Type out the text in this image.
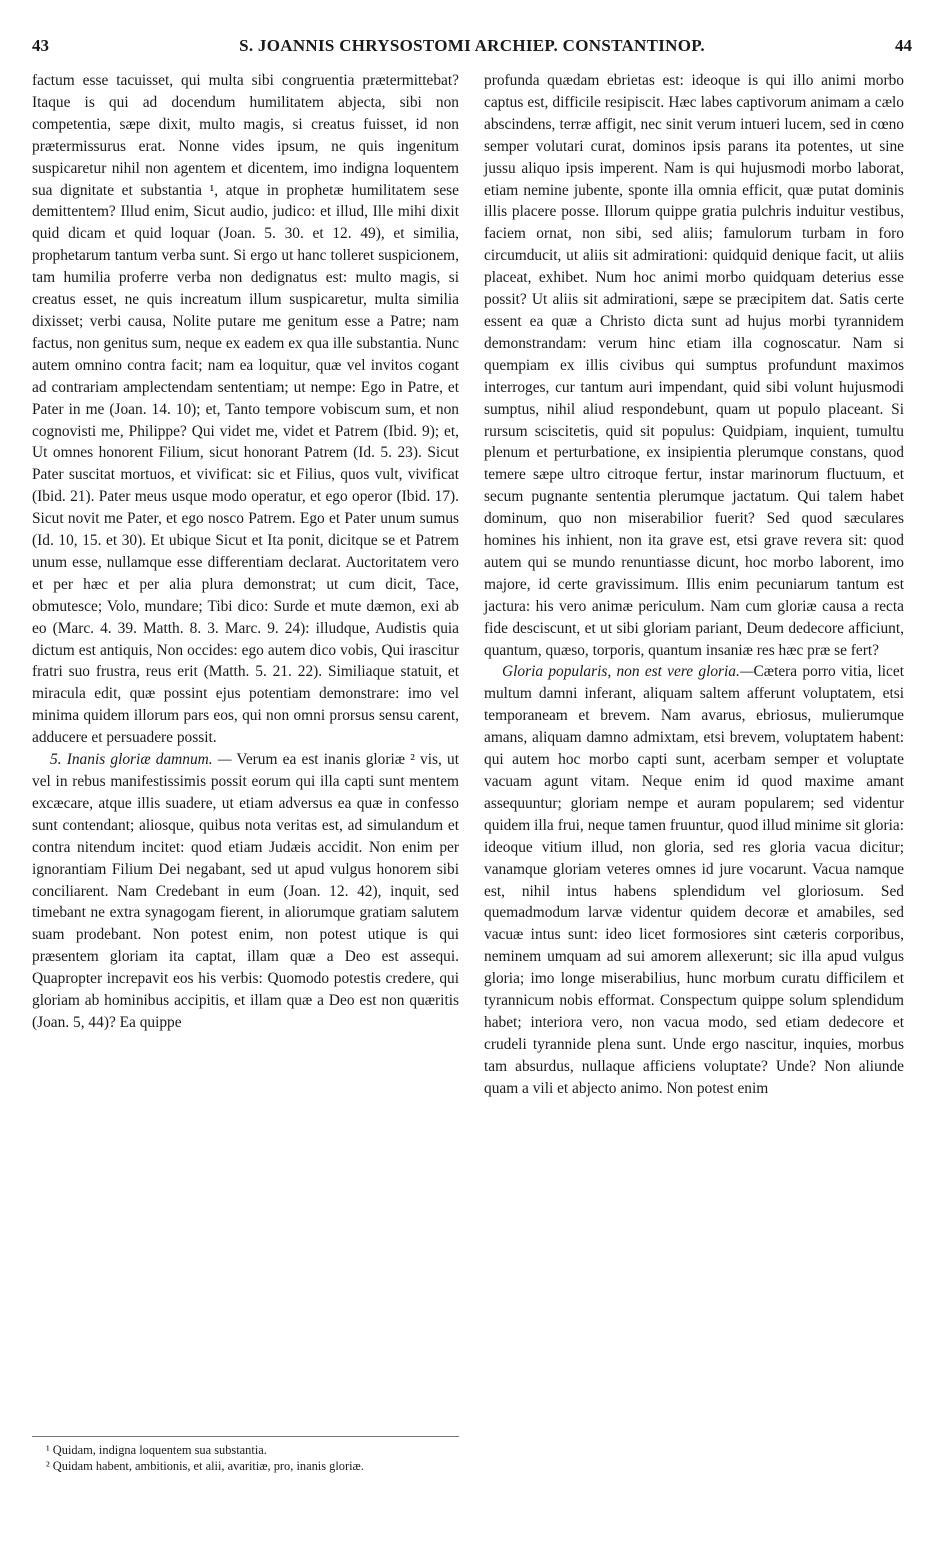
43	S. JOANNIS CHRYSOSTOMI ARCHIEP. CONSTANTINOP.	44

factum esse tacuisset, qui multa sibi congruentia prætermittebat? Itaque is qui ad docendum humilitatem abjecta, sibi non competentia, sæpe dixit, multo magis, si creatus fuisset, id non prætermissurus erat. Nonne vides ipsum, ne quis ingenitum suspicaretur nihil non agentem et dicentem, imo indigna loquentem sua dignitate et substantia ¹, atque in prophetæ humilitatem sese demittentem? Illud enim, Sicut audio, judico: et illud, Ille mihi dixit quid dicam et quid loquar (Joan. 5. 30. et 12. 49), et similia, prophetarum tantum verba sunt. Si ergo ut hanc tolleret suspicionem, tam humilia proferre verba non dedignatus est: multo magis, si creatus esset, ne quis increatum illum suspicaretur, multa similia dixisset; verbi causa, Nolite putare me genitum esse a Patre; nam factus, non genitus sum, neque ex eadem ex qua ille substantia. Nunc autem omnino contra facit; nam ea loquitur, quæ vel invitos cogant ad contrariam amplectendam sententiam; ut nempe: Ego in Patre, et Pater in me (Joan. 14. 10); et, Tanto tempore vobiscum sum, et non cognovisti me, Philippe? Qui videt me, videt et Patrem (Ibid. 9); et, Ut omnes honorent Filium, sicut honorant Patrem (Id. 5. 23). Sicut Pater suscitat mortuos, et vivificat: sic et Filius, quos vult, vivificat (Ibid. 21). Pater meus usque modo operatur, et ego operor (Ibid. 17). Sicut novit me Pater, et ego nosco Patrem. Ego et Pater unum sumus (Id. 10, 15. et 30). Et ubique Sicut et Ita ponit, dicitque se et Patrem unum esse, nullamque esse differentiam declarat. Auctoritatem vero et per hæc et per alia plura demonstrat; ut cum dicit, Tace, obmutesce; Volo, mundare; Tibi dico: Surde et mute dæmon, exi ab eo (Marc. 4. 39. Matth. 8. 3. Marc. 9. 24): illudque, Audistis quia dictum est antiquis, Non occides: ego autem dico vobis, Qui irascitur fratri suo frustra, reus erit (Matth. 5. 21. 22). Similiaque statuit, et miracula edit, quæ possint ejus potentiam demonstrare: imo vel minima quidem illorum pars eos, qui non omni prorsus sensu carent, adducere et persuadere possit.

5. Inanis gloriæ damnum. — Verum ea est inanis gloriæ ² vis, ut vel in rebus manifestissimis possit eorum qui illa capti sunt mentem excæcare, atque illis suadere, ut etiam adversus ea quæ in confesso sunt contendant; aliosque, quibus nota veritas est, ad simulandum et contra nitendum incitet: quod etiam Judæis accidit. Non enim per ignorantiam Filium Dei negabant, sed ut apud vulgus honorem sibi conciliarent. Nam Credebant in eum (Joan. 12. 42), inquit, sed timebant ne extra synagogam fierent, in aliorumque gratiam salutem suam prodebant. Non potest enim, non potest utique is qui præsentem gloriam ita captat, illam quæ a Deo est assequi. Quapropter increpavit eos his verbis: Quomodo potestis credere, qui gloriam ab hominibus accipitis, et illam quæ a Deo est non quæritis (Joan. 5, 44)? Ea quippe

¹ Quidam, indigna loquentem sua substantia.

² Quidam habent, ambitionis, et alii, avaritiæ, pro, inanis gloriæ.

profunda quædam ebrietas est: ideoque is qui illo animi morbo captus est, difficile resipiscit. Hæc labes captivorum animam a cælo abscindens, terræ affigit, nec sinit verum intueri lucem, sed in cœno semper volutari curat, dominos ipsis parans ita potentes, ut sine jussu aliquo ipsis imperent. Nam is qui hujusmodi morbo laborat, etiam nemine jubente, sponte illa omnia efficit, quæ putat dominis illis placere posse. Illorum quippe gratia pulchris induitur vestibus, faciem ornat, non sibi, sed aliis; famulorum turbam in foro circumducit, ut aliis sit admirationi: quidquid denique facit, ut aliis placeat, exhibet. Num hoc animi morbo quidquam deterius esse possit? Ut aliis sit admirationi, sæpe se præcipitem dat. Satis certe essent ea quæ a Christo dicta sunt ad hujus morbi tyrannidem demonstrandam: verum hinc etiam illa cognoscatur. Nam si quempiam ex illis civibus qui sumptus profundunt maximos interroges, cur tantum auri impendant, quid sibi volunt hujusmodi sumptus, nihil aliud respondebunt, quam ut populo placeant. Si rursum sciscitetis, quid sit populus: Quidpiam, inquient, tumultu plenum et perturbatione, ex insipientia plerumque constans, quod temere sæpe ultro citroque fertur, instar marinorum fluctuum, et secum pugnante sententia plerumque jactatum. Qui talem habet dominum, quo non miserabilior fuerit? Sed quod sæculares homines his inhient, non ita grave est, etsi grave revera sit: quod autem qui se mundo renuntiasse dicunt, hoc morbo laborent, imo majore, id certe gravissimum. Illis enim pecuniarum tantum est jactura: his vero animæ periculum. Nam cum gloriæ causa a recta fide desciscunt, et ut sibi gloriam pariant, Deum dedecore afficiunt, quantum, quæso, torporis, quantum insaniæ res hæc præ se fert?

Gloria popularis, non est vere gloria.—Cætera porro vitia, licet multum damni inferant, aliquam saltem afferunt voluptatem, etsi temporaneam et brevem. Nam avarus, ebriosus, mulierumque amans, aliquam damno admixtam, etsi brevem, voluptatem habent: qui autem hoc morbo capti sunt, acerbam semper et voluptate vacuam agunt vitam. Neque enim id quod maxime amant assequuntur; gloriam nempe et auram popularem; sed videntur quidem illa frui, neque tamen fruuntur, quod illud minime sit gloria: ideoque vitium illud, non gloria, sed res gloria vacua dicitur; vanamque gloriam veteres omnes id jure vocarunt. Vacua namque est, nihil intus habens splendidum vel gloriosum. Sed quemadmodum larvæ videntur quidem decoræ et amabiles, sed vacuæ intus sunt: ideo licet formosiores sint cæteris corporibus, neminem umquam ad sui amorem allexerunt; sic illa apud vulgus gloria; imo longe miserabilius, hunc morbum curatu difficilem et tyrannicum nobis efformat. Conspectum quippe solum splendidum habet; interiora vero, non vacua modo, sed etiam dedecore et crudeli tyrannide plena sunt. Unde ergo nascitur, inquies, morbus tam absurdus, nullaque afficiens voluptate? Unde? Non aliunde quam a vili et abjecto animo. Non potest enim
